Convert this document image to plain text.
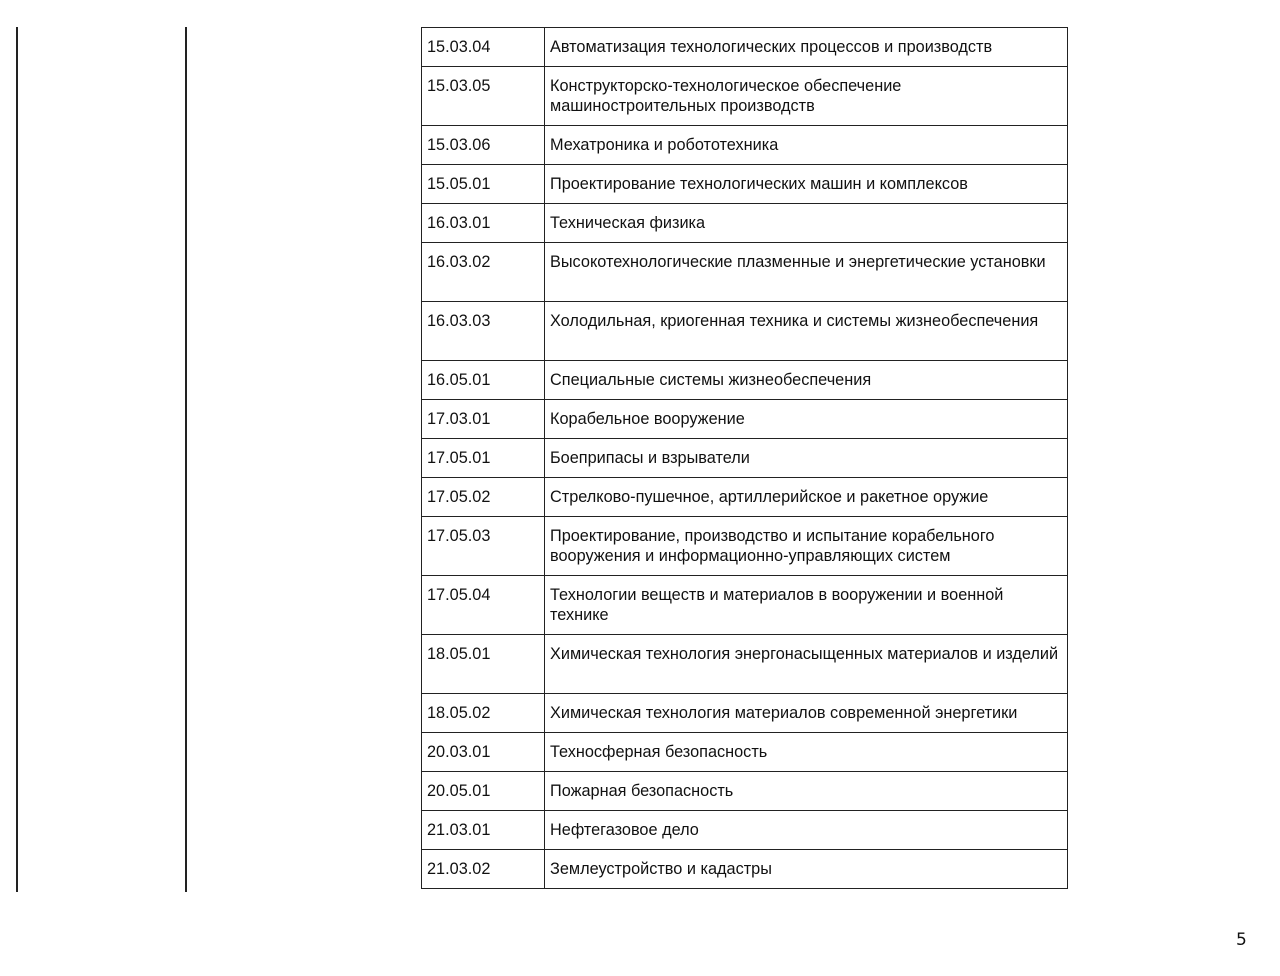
15.03.04	Автоматизация технологических процессов и производств
15.03.05	Конструкторско-технологическое обеспечение машиностроительных производств
15.03.06	Мехатроника и робототехника
15.05.01	Проектирование технологических машин и комплексов
16.03.01	Техническая физика
16.03.02	Высокотехнологические плазменные и энергетические установки
16.03.03	Холодильная, криогенная техника и системы жизнеобеспечения
16.05.01	Специальные системы жизнеобеспечения
17.03.01	Корабельное вооружение
17.05.01	Боеприпасы и взрыватели
17.05.02	Стрелково-пушечное, артиллерийское и ракетное оружие
17.05.03	Проектирование, производство и испытание корабельного вооружения и информационно-управляющих систем
17.05.04	Технологии веществ и материалов в вооружении и военной технике
18.05.01	Химическая технология энергонасыщенных материалов и изделий
18.05.02	Химическая технология материалов современной энергетики
20.03.01	Техносферная безопасность
20.05.01	Пожарная безопасность
21.03.01	Нефтегазовое дело
21.03.02	Землеустройство и кадастры
5
